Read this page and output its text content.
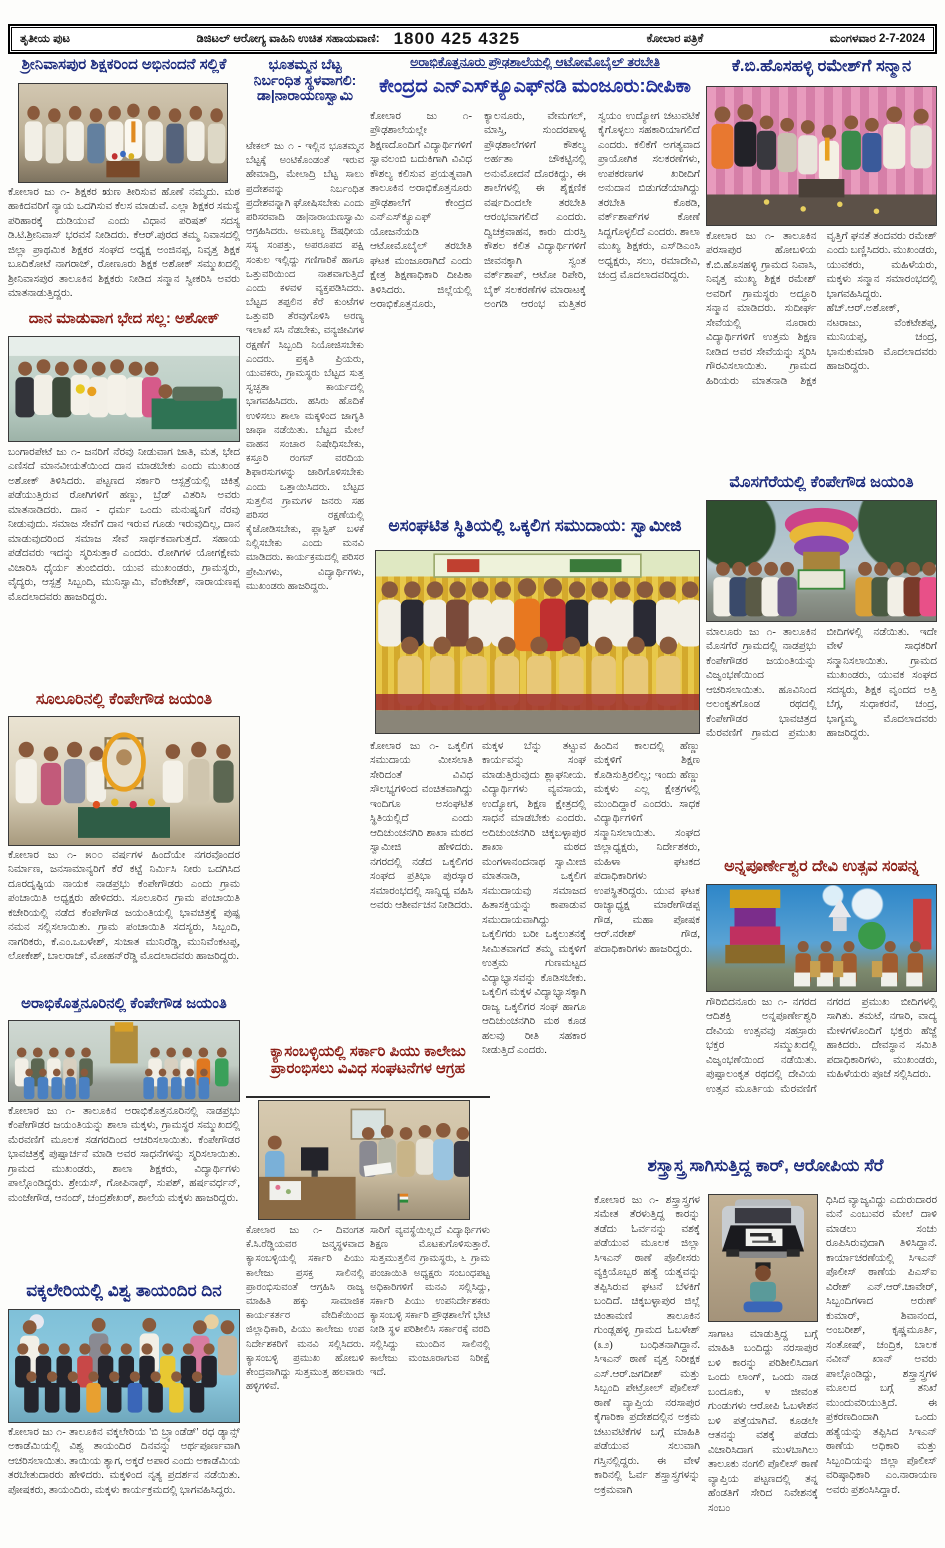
ತೃತೀಯ ಪುಟ	ಡಿಜಿಟಲ್ ಆರೋಗ್ಯ ವಾಹಿನಿ ಉಚಿತ ಸಹಾಯವಾಣಿ: 1800 425 4325	ಕೋಲಾರ ಪತ್ರಿಕೆ	ಮಂಗಳವಾರ 2-7-2024
ಶ್ರೀನಿವಾಸಪುರ ಶಿಕ್ಷಕರಿಂದ ಅಭಿನಂದನೆ ಸಲ್ಲಿಕೆ
ಕೋಲಾರ ಜು ೧- ಶಿಕ್ಷಕರ ಋಣ ತೀರಿಸುವ ಹೊಣೆ ನಮ್ಮದು. ಮಠ ಹಾಕಿದವರಿಗೆ ನ್ಯಾಯ ಒದಗಿಸುವ ಕೆಲಸ ಮಾಡುವೆ. ಎಲ್ಲಾ ಶಿಕ್ಷಕರ ಸಮಸ್ಯೆ ಪರಿಹಾರಕ್ಕೆ ದುಡಿಯುವೆ ಎಂದು ವಿಧಾನ ಪರಿಷತ್ ಸದಸ್ಯ ಡಿ.ಟಿ.ಶ್ರೀನಿವಾಸ್ ಭರವಸೆ ನೀಡಿದರು. ಕೆಆರ್.ಪುರದ ತಮ್ಮ ನಿವಾಸದಲ್ಲಿ ಜಿಲ್ಲಾ ಪ್ರಾಥಮಿಕ ಶಿಕ್ಷಕರ ಸಂಘದ ಅಧ್ಯಕ್ಷ ಅಂಜಿನಪ್ಪ, ನಿವೃತ್ತ ಶಿಕ್ಷಕ ಬೂದಿಕೋಟೆ ನಾಗರಾಜ್, ರೋಣೂರು ಶಿಕ್ಷಕ ಅಶೋಕ್ ಸಮ್ಮುಖದಲ್ಲಿ ಶ್ರೀನಿವಾಸಪುರ ತಾಲೂಕಿನ ಶಿಕ್ಷಕರು ನೀಡಿದ ಸನ್ಮಾನ ಸ್ವೀಕರಿಸಿ ಅವರು ಮಾತನಾಡುತ್ತಿದ್ದರು.
ದಾನ ಮಾಡುವಾಗ ಭೇದ ಸಲ್ಲ: ಅಶೋಕ್
ಬಂಗಾರಪೇಟೆ ಜು ೧- ಜನರಿಗೆ ನೆರವು ನೀಡುವಾಗ ಜಾತಿ, ಮತ, ಭೇದ ಎಣಿಸದೆ ಮಾನವೀಯತೆಯಿಂದ ದಾನ ಮಾಡಬೇಕು ಎಂದು ಮುಖಂಡ ಅಶೋಕ್ ತಿಳಿಸಿದರು. ಪಟ್ಟಣದ ಸರ್ಕಾರಿ ಆಸ್ಪತ್ರೆಯಲ್ಲಿ ಚಿಕಿತ್ಸೆ ಪಡೆಯುತ್ತಿರುವ ರೋಗಿಗಳಿಗೆ ಹಣ್ಣು, ಬ್ರೆಡ್ ವಿತರಿಸಿ ಅವರು ಮಾತನಾಡಿದರು. ದಾನ - ಧರ್ಮ ಒಂದು ಮನುಷ್ಯನಿಗೆ ನೆರವು ನೀಡುವುದು. ಸಮಾಜ ಸೇವೆಗೆ ದಾನ ಇರುವ ಗೂಡು ಇರುವುದಿಲ್ಲ, ದಾನ ಮಾಡುವುದರಿಂದ ಸಮಾಜ ಸೇವೆ ಸಾರ್ಥಕವಾಗುತ್ತದೆ. ಸಹಾಯ ಪಡೆದವರು ಇದನ್ನು ಸ್ಮರಿಸುತ್ತಾರೆ ಎಂದರು. ರೋಗಿಗಳ ಯೋಗಕ್ಷೇಮ ವಿಚಾರಿಸಿ ಧೈರ್ಯ ತುಂಬಿದರು. ಯುವ ಮುಖಂಡರು, ಗ್ರಾಮಸ್ಥರು, ವೈದ್ಯರು, ಆಸ್ಪತ್ರೆ ಸಿಬ್ಬಂದಿ, ಮುನಿಸ್ವಾಮಿ, ವೆಂಕಟೇಶ್, ನಾರಾಯಣಪ್ಪ ಮೊದಲಾದವರು ಹಾಜರಿದ್ದರು.
ಸೂಲೂರಿನಲ್ಲಿ ಕೆಂಪೇಗೌಡ ಜಯಂತಿ
ಕೋಲಾರ ಜು ೧- ೫೦೦ ವರ್ಷಗಳ ಹಿಂದೆಯೇ ನಗರವೊಂದರ ನಿರ್ಮಾಣ, ಜನಸಾಮಾನ್ಯರಿಗೆ ಕೆರೆ ಕಟ್ಟೆ ನಿರ್ಮಿಸಿ ನೀರು ಒದಗಿಸಿದ ದೂರದೃಷ್ಟಿಯ ನಾಯಕ ನಾಡಪ್ರಭು ಕೆಂಪೇಗೌಡರು ಎಂದು ಗ್ರಾಮ ಪಂಚಾಯಿತಿ ಅಧ್ಯಕ್ಷರು ಹೇಳಿದರು. ಸೂಲೂರಿನ ಗ್ರಾಮ ಪಂಚಾಯಿತಿ ಕಚೇರಿಯಲ್ಲಿ ನಡೆದ ಕೆಂಪೇಗೌಡ ಜಯಂತಿಯಲ್ಲಿ ಭಾವಚಿತ್ರಕ್ಕೆ ಪುಷ್ಪ ನಮನ ಸಲ್ಲಿಸಲಾಯಿತು. ಗ್ರಾಮ ಪಂಚಾಯಿತಿ ಸದಸ್ಯರು, ಸಿಬ್ಬಂದಿ, ನಾಗರಿಕರು, ಕೆ.ಎಂ.ಒಬಳೇಶ್, ಸುಜಾತ ಮುನಿರೆಡ್ಡಿ, ಮುನಿವೆಂಕಟಪ್ಪ, ಲೋಕೇಶ್, ಬಾಲರಾಜ್, ಮೋಹನ್‌ರೆಡ್ಡಿ ಮೊದಲಾದವರು ಹಾಜರಿದ್ದರು.
ಅರಾಭಿಕೊತ್ತನೂರಿನಲ್ಲಿ ಕೆಂಪೇಗೌಡ ಜಯಂತಿ
ಕೋಲಾರ ಜು ೧- ತಾಲೂಕಿನ ಅರಾಭಿಕೊತ್ತನೂರಿನಲ್ಲಿ ನಾಡಪ್ರಭು ಕೆಂಪೇಗೌಡರ ಜಯಂತಿಯನ್ನು ಶಾಲಾ ಮಕ್ಕಳು, ಗ್ರಾಮಸ್ಥರ ಸಮ್ಮುಖದಲ್ಲಿ ಮೆರವಣಿಗೆ ಮೂಲಕ ಸಡಗರದಿಂದ ಆಚರಿಸಲಾಯಿತು. ಕೆಂಪೇಗೌಡರ ಭಾವಚಿತ್ರಕ್ಕೆ ಪುಷ್ಪಾರ್ಚನೆ ಮಾಡಿ ಅವರ ಸಾಧನೆಗಳನ್ನು ಸ್ಮರಿಸಲಾಯಿತು. ಗ್ರಾಮದ ಮುಖಂಡರು, ಶಾಲಾ ಶಿಕ್ಷಕರು, ವಿದ್ಯಾರ್ಥಿಗಳು ಪಾಲ್ಗೊಂಡಿದ್ದರು. ಶ್ರೇಯಸ್, ಗೋಪಿನಾಥ್, ಸುಪಶ್, ಹರ್ಷವರ್ಧನ್, ಮಂಜೇಗೌಡ, ಆನಂದ್, ಚಂದ್ರಶೇಖರ್, ಶಾಲೆಯ ಮಕ್ಕಳು ಹಾಜರಿದ್ದರು.
ವಕ್ಕಲೇರಿಯಲ್ಲಿ ವಿಶ್ವ ತಾಯಂದಿರ ದಿನ
ಕೋಲಾರ ಜು ೧- ತಾಲೂಕಿನ ವಕ್ಕಲೇರಿಯ 'ಬಿ ಬ್ರ್ಯಾಂಡೆಡ್' ರಧ ಡ್ಯಾನ್ಸ್ ಅಕಾಡೆಮಿಯಲ್ಲಿ ವಿಶ್ವ ತಾಯಂದಿರ ದಿನವನ್ನು ಅರ್ಥಪೂರ್ಣವಾಗಿ ಆಚರಿಸಲಾಯಿತು. ತಾಯಿಯ ತ್ಯಾಗ, ಅಕ್ಕರೆ ಅಪಾರ ಎಂದು ಅಕಾಡೆಮಿಯ ತರಬೇತುದಾರರು ಹೇಳಿದರು. ಮಕ್ಕಳಿಂದ ನೃತ್ಯ ಪ್ರದರ್ಶನ ನಡೆಯಿತು. ಪೋಷಕರು, ತಾಯಂದಿರು, ಮಕ್ಕಳು ಕಾರ್ಯಕ್ರಮದಲ್ಲಿ ಭಾಗವಹಿಸಿದ್ದರು.
ಭೂತಮ್ಮನ ಬೆಟ್ಟ ನಿರ್ಬಂಧಿತ ಸ್ಥಳವಾಗಲಿ: ಡಾ|ನಾರಾಯಣಸ್ವಾಮಿ
ಟೇಕಲ್ ಜು ೧ - ಇಲ್ಲಿನ ಭೂತಮ್ಮನ ಬೆಟ್ಟಕ್ಕೆ ಅಂಟಿಕೊಂಡಂತೆ ಇರುವ ಹೇಮಾದ್ರಿ, ಮೇಲಾದ್ರಿ ಬೆಟ್ಟ ಸಾಲು ಪ್ರದೇಶವನ್ನು ನಿರ್ಬಂಧಿತ ಪ್ರದೇಶವನ್ನಾಗಿ ಘೋಷಿಸಬೇಕು ಎಂದು ಪರಿಸರವಾದಿ ಡಾ|ನಾರಾಯಣಸ್ವಾಮಿ ಆಗ್ರಹಿಸಿದರು. ಅಮೂಲ್ಯ ಔಷಧೀಯ ಸಸ್ಯ ಸಂಪತ್ತು, ಅಪರೂಪದ ಪಕ್ಷಿ ಸಂಕುಲ ಇಲ್ಲಿದ್ದು ಗಣಿಗಾರಿಕೆ ಹಾಗೂ ಒತ್ತುವರಿಯಿಂದ ನಾಶವಾಗುತ್ತಿದೆ ಎಂದು ಕಳವಳ ವ್ಯಕ್ತಪಡಿಸಿದರು. ಬೆಟ್ಟದ ತಪ್ಪಲಿನ ಕೆರೆ ಕುಂಟೆಗಳ ಒತ್ತುವರಿ ತೆರವುಗೊಳಿಸಿ ಅರಣ್ಯ ಇಲಾಖೆ ಸಸಿ ನೆಡಬೇಕು, ವನ್ಯಜೀವಿಗಳ ರಕ್ಷಣೆಗೆ ಸಿಬ್ಬಂದಿ ನಿಯೋಜಿಸಬೇಕು ಎಂದರು. ಪ್ರಕೃತಿ ಪ್ರಿಯರು, ಯುವಕರು, ಗ್ರಾಮಸ್ಥರು ಬೆಟ್ಟದ ಸುತ್ತ ಸ್ವಚ್ಛತಾ ಕಾರ್ಯದಲ್ಲಿ ಭಾಗವಹಿಸಿದರು. ಹಸಿರು ಹೊದಿಕೆ ಉಳಿಸಲು ಶಾಲಾ ಮಕ್ಕಳಿಂದ ಜಾಗೃತಿ ಜಾಥಾ ನಡೆಯಿತು. ಬೆಟ್ಟದ ಮೇಲೆ ವಾಹನ ಸಂಚಾರ ನಿಷೇಧಿಸಬೇಕು, ಕಸ್ತೂರಿ ರಂಗನ್ ವರದಿಯ ಶಿಫಾರಸುಗಳನ್ನು ಜಾರಿಗೊಳಿಸಬೇಕು ಎಂದು ಒತ್ತಾಯಿಸಿದರು. ಬೆಟ್ಟದ ಸುತ್ತಲಿನ ಗ್ರಾಮಗಳ ಜನರು ಸಹ ಪರಿಸರ ರಕ್ಷಣೆಯಲ್ಲಿ ಕೈಜೋಡಿಸಬೇಕು, ಪ್ಲಾಸ್ಟಿಕ್ ಬಳಕೆ ನಿಲ್ಲಿಸಬೇಕು ಎಂದು ಮನವಿ ಮಾಡಿದರು. ಕಾರ್ಯಕ್ರಮದಲ್ಲಿ ಪರಿಸರ ಪ್ರೇಮಿಗಳು, ವಿದ್ಯಾರ್ಥಿಗಳು, ಮುಖಂಡರು ಹಾಜರಿದ್ದರು.
ಕ್ಯಾಸಂಬಳ್ಳಿಯಲ್ಲಿ ಸರ್ಕಾರಿ ಪಿಯು ಕಾಲೇಜು ಪ್ರಾರಂಭಿಸಲು ವಿವಿಧ ಸಂಘಟನೆಗಳ ಆಗ್ರಹ
ಕೋಲಾರ ಜು ೧- ದಿವಂಗತ ಕೆ.ಸಿ.ರೆಡ್ಡಿಯವರ ಜನ್ಮಸ್ಥಳವಾದ ಕ್ಯಾಸಂಬಳ್ಳಿಯಲ್ಲಿ ಸರ್ಕಾರಿ ಪಿಯು ಕಾಲೇಜು ಪ್ರಸಕ್ತ ಸಾಲಿನಲ್ಲಿ ಪ್ರಾರಂಭಿಸುವಂತೆ ಆಗ್ರಹಿಸಿ ರಾಜ್ಯ ಮಾಹಿತಿ ಹಕ್ಕು ಸಾಮಾಜಿಕ ಕಾರ್ಯಕರ್ತರ ವೇದಿಕೆಯಿಂದ ಜಿಲ್ಲಾಧಿಕಾರಿ, ಪಿಯು ಕಾಲೇಜು ಉಪ ನಿರ್ದೇಶಕರಿಗೆ ಮನವಿ ಸಲ್ಲಿಸಿದರು. ಕ್ಯಾಸಂಬಳ್ಳಿ ಪ್ರಮುಖ ಹೋಬಳಿ ಕೇಂದ್ರವಾಗಿದ್ದು ಸುತ್ತಮುತ್ತ ಹಲವಾರು ಹಳ್ಳಿಗಳಿವೆ.
ಸಾರಿಗೆ ವ್ಯವಸ್ಥೆಯಿಲ್ಲದೆ ವಿದ್ಯಾರ್ಥಿಗಳು ಶಿಕ್ಷಣ ಮೊಟಕುಗೊಳಿಸುತ್ತಾರೆ. ಸುತ್ತಮುತ್ತಲಿನ ಗ್ರಾಮಸ್ಥರು, ೬ ಗ್ರಾಮ ಪಂಚಾಯಿತಿ ಅಧ್ಯಕ್ಷರು ಸಂಬಂಧಪಟ್ಟ ಅಧಿಕಾರಿಗಳಿಗೆ ಮನವಿ ಸಲ್ಲಿಸಿದ್ದು, ಸರ್ಕಾರಿ ಪಿಯು ಉಪನಿರ್ದೇಶಕರು ಕ್ಯಾಸಂಬಳ್ಳಿ ಸರ್ಕಾರಿ ಪ್ರೌಢಶಾಲೆಗೆ ಭೇಟಿ ನೀಡಿ ಸ್ಥಳ ಪರಿಶೀಲಿಸಿ ಸರ್ಕಾರಕ್ಕೆ ವರದಿ ಸಲ್ಲಿಸಿದ್ದು ಮುಂದಿನ ಸಾಲಿನಲ್ಲಿ ಕಾಲೇಜು ಮಂಜೂರಾಗುವ ನಿರೀಕ್ಷೆ ಇದೆ.
ಅರಾಭಿಕೊತ್ತನೂರು ಪ್ರೌಢಶಾಲೆಯಲ್ಲಿ ಆಟೋಮೊಬೈಲ್ ತರಬೇತಿ
ಕೇಂದ್ರದ ಎನ್‌ಎಸ್‌ಕ್ಯೂಎಫ್‌ನಡಿ ಮಂಜೂರು:ದೀಪಿಕಾ
ಕೋಲಾರ ಜು ೧- ಪ್ರೌಢಶಾಲೆಯಲ್ಲೇ ಶಿಕ್ಷಣದೊಂದಿಗೆ ವಿದ್ಯಾರ್ಥಿಗಳಿಗೆ ಸ್ವಾವಲಂಬಿ ಬದುಕಿಗಾಗಿ ವಿವಿಧ ಕೌಶಲ್ಯ ಕಲಿಸುವ ಪ್ರಯತ್ನವಾಗಿ ತಾಲೂಕಿನ ಅರಾಭಿಕೊತ್ತನೂರು ಪ್ರೌಢಶಾಲೆಗೆ ಕೇಂದ್ರದ ಎನ್‌ಎಸ್‌ಕ್ಯೂಎಫ್ ಯೋಜನೆಯಡಿ ಆಟೋಮೊಬೈಲ್ ತರಬೇತಿ ಘಟಕ ಮಂಜೂರಾಗಿದೆ ಎಂದು ಕ್ಷೇತ್ರ ಶಿಕ್ಷಣಾಧಿಕಾರಿ ದೀಪಿಕಾ ತಿಳಿಸಿದರು. ಜಿಲ್ಲೆಯಲ್ಲಿ ಅರಾಭಿಕೊತ್ತನೂರು, ಕ್ಯಾಲನೂರು, ವೇಮಗಲ್, ಮಾಸ್ತಿ, ಸುಂದರಪಾಳ್ಯ ಪ್ರೌಢಶಾಲೆಗಳಿಗೆ ಕೌಶಲ್ಯ ಅರ್ಹತಾ ಚೌಕಟ್ಟಿನಲ್ಲಿ ಅನುಮೋದನೆ ದೊರಕಿದ್ದು, ಈ ಶಾಲೆಗಳಲ್ಲಿ ಈ ಶೈಕ್ಷಣಿಕ ವರ್ಷದಿಂದಲೇ ತರಬೇತಿ ಆರಂಭವಾಗಲಿದೆ ಎಂದರು. ದ್ವಿಚಕ್ರವಾಹನ, ಕಾರು ದುರಸ್ತಿ ಕೌಶಲ ಕಲಿತ ವಿದ್ಯಾರ್ಥಿಗಳಿಗೆ ಜೀವನಕ್ಕಾಗಿ ಸ್ವಂತ ವರ್ಕ್‌ಶಾಪ್, ಆಟೋ ರಿಪೇರಿ, ಬೈಕ್ ಸಲಕರಣೆಗಳ ಮಾರಾಟಕ್ಕೆ ಅಂಗಡಿ ಆರಂಭ ಮತ್ತಿತರ ಸ್ವಯಂ ಉದ್ಯೋಗ ಚಟುವಟಿಕೆ ಕೈಗೊಳ್ಳಲು ಸಹಕಾರಿಯಾಗಲಿದೆ ಎಂದರು. ಕಲಿಕೆಗೆ ಅಗತ್ಯವಾದ ಪ್ರಾಯೋಗಿಕ ಸಲಕರಣೆಗಳು, ಉಪಕರಣಗಳ ಖರೀದಿಗೆ ಅನುದಾನ ಬಿಡುಗಡೆಯಾಗಿದ್ದು ತರಬೇತಿ ಕೊಠಡಿ, ವರ್ಕ್‌ಶಾಪ್‌ಗಳ ಕೋಣೆ ಸಿದ್ದಗೊಳ್ಳಲಿದೆ ಎಂದರು. ಶಾಲಾ ಮುಖ್ಯ ಶಿಕ್ಷಕರು, ಎಸ್‌ಡಿಎಂಸಿ ಅಧ್ಯಕ್ಷರು, ಸಲು, ರಮಾದೇವಿ, ಚಂದ್ರ ಮೊದಲಾದವರಿದ್ದರು.
ಅಸಂಘಟಿತ ಸ್ಥಿತಿಯಲ್ಲಿ ಒಕ್ಕಲಿಗ ಸಮುದಾಯ: ಸ್ವಾಮೀಜಿ
ಕೋಲಾರ ಜು ೧- ಒಕ್ಕಲಿಗ ಸಮುದಾಯ ಮೀಸಲಾತಿ ಸೇರಿದಂತೆ ವಿವಿಧ ಸೌಲಭ್ಯಗಳಿಂದ ವಂಚಿತವಾಗಿದ್ದು ಇಂದಿಗೂ ಅಸಂಘಟಿತ ಸ್ಥಿತಿಯಲ್ಲಿದೆ ಎಂದು ಆದಿಚುಂಚನಗಿರಿ ಶಾಖಾ ಮಠದ ಸ್ವಾಮೀಜಿ ಹೇಳಿದರು. ನಗರದಲ್ಲಿ ನಡೆದ ಒಕ್ಕಲಿಗರ ಸಂಘದ ಪ್ರತಿಭಾ ಪುರಸ್ಕಾರ ಸಮಾರಂಭದಲ್ಲಿ ಸಾನ್ನಿಧ್ಯ ವಹಿಸಿ ಅವರು ಆಶೀರ್ವಚನ ನೀಡಿದರು.
ಮಕ್ಕಳ ಬೆನ್ನು ತಟ್ಟುವ ಕಾರ್ಯವನ್ನು ಸಂಘ ಮಾಡುತ್ತಿರುವುದು ಶ್ಲಾಘನೀಯ. ವಿದ್ಯಾರ್ಥಿಗಳು ವ್ಯವಸಾಯ, ಉದ್ಯೋಗ, ಶಿಕ್ಷಣ ಕ್ಷೇತ್ರದಲ್ಲಿ ಸಾಧನೆ ಮಾಡಬೇಕು ಎಂದರು. ಅದಿಚುಂಚನಗಿರಿ ಚಿಕ್ಕಬಳ್ಳಾಪುರ ಶಾಖಾ ಮಠದ ಮಂಗಳಾನಂದನಾಥ ಸ್ವಾಮೀಜಿ ಮಾತನಾಡಿ, ಒಕ್ಕಲಿಗ ಸಮುದಾಯವು ಸಮಾಜದ ಹಿತಾಸಕ್ತಿಯನ್ನು ಕಾಪಾಡುವ ಸಮುದಾಯವಾಗಿದ್ದು ಒಕ್ಕಲಿಗರು ಬರೀ ಒಕ್ಕಲುತನಕ್ಕೆ ಸೀಮಿತವಾಗದೆ ತಮ್ಮ ಮಕ್ಕಳಿಗೆ ಉತ್ತಮ ಗುಣಮಟ್ಟದ ವಿದ್ಯಾಭ್ಯಾಸವನ್ನು ಕೊಡಿಸಬೇಕು. ಒಕ್ಕಲಿಗ ಮಕ್ಕಳ ವಿದ್ಯಾಭ್ಯಾಸಕ್ಕಾಗಿ ರಾಜ್ಯ ಒಕ್ಕಲಿಗರ ಸಂಘ ಹಾಗೂ ಆದಿಚುಂಚನಗಿರಿ ಮಠ ಕೂಡ ಹಲವು ರೀತಿ ಸಹಕಾರ ನೀಡುತ್ತಿದೆ ಎಂದರು.
ಹಿಂದಿನ ಕಾಲದಲ್ಲಿ ಹೆಣ್ಣು ಮಕ್ಕಳಿಗೆ ಶಿಕ್ಷಣ ಕೊಡಿಸುತ್ತಿರಲಿಲ್ಲ; ಇಂದು ಹೆಣ್ಣು ಮಕ್ಕಳು ಎಲ್ಲ ಕ್ಷೇತ್ರಗಳಲ್ಲಿ ಮುಂದಿದ್ದಾರೆ ಎಂದರು. ಸಾಧಕ ವಿದ್ಯಾರ್ಥಿಗಳಿಗೆ ಸನ್ಮಾನಿಸಲಾಯಿತು. ಸಂಘದ ಜಿಲ್ಲಾಧ್ಯಕ್ಷರು, ನಿರ್ದೇಶಕರು, ಮಹಿಳಾ ಘಟಕದ ಪದಾಧಿಕಾರಿಗಳು ಉಪಸ್ಥಿತರಿದ್ದರು. ಯುವ ಘಟಕ ರಾಜ್ಯಾಧ್ಯಕ್ಷ ಮಾರೇಗೌಡಪ್ಪ ಗೌಡ, ಮಹಾ ಪೋಷಕ ಆರ್.ನರೇಶ್ ಗೌಡ, ಪದಾಧಿಕಾರಿಗಳು ಹಾಜರಿದ್ದರು.
ಶಸ್ತ್ರಾಸ್ತ್ರ ಸಾಗಿಸುತ್ತಿದ್ದ ಕಾರ್, ಆರೋಪಿಯ ಸೆರೆ
ಕೋಲಾರ ಜು ೧- ಶಸ್ತ್ರಾಸ್ತ್ರಗಳ ಸಮೇತ ತೆರಳುತ್ತಿದ್ದ ಕಾರನ್ನು ತಡೆದು ಓರ್ವನನ್ನು ವಶಕ್ಕೆ ಪಡೆಯುವ ಮೂಲಕ ಜಿಲ್ಲಾ ಸಿಇಎನ್ ಠಾಣೆ ಪೊಲೀಸರು ವ್ಯಕ್ತಿಯೊಬ್ಬರ ಹತ್ಯೆ ಯತ್ನವನ್ನು ತಪ್ಪಿಸಿರುವ ಘಟನೆ ಬೆಳಕಿಗೆ ಬಂದಿದೆ. ಚಿಕ್ಕಬಳ್ಳಾಪುರ ಜಿಲ್ಲೆ ಚಿಂತಾಮಣಿ ತಾಲೂಕಿನ ಗುಂಡ್ಲಹಳ್ಳಿ ಗ್ರಾಮದ ಓಬಳೇಶ್ (೩೨) ಬಂಧಿತನಾಗಿದ್ದಾನೆ. ಸಿಇಎನ್ ಠಾಣೆ ವೃತ್ತ ನಿರೀಕ್ಷಕ ಎಸ್.ಆರ್.ಜಗದೀಶ್ ಮತ್ತು ಸಿಬ್ಬಂದಿ ಪೇಟ್ರೋಲ್ ಪೊಲೀಸ್ ಠಾಣೆ ವ್ಯಾಪ್ತಿಯ ನರಸಾಪುರ ಕೈಗಾರಿಕಾ ಪ್ರದೇಶದಲ್ಲಿನ ಅಕ್ರಮ ಚಟುವಟಿಕೆಗಳ ಬಗ್ಗೆ ಮಾಹಿತಿ ಪಡೆಯುವ ಸಲುವಾಗಿ ಗಸ್ತಿನಲ್ಲಿದ್ದರು. ಈ ವೇಳೆ ಕಾರಿನಲ್ಲಿ ಓರ್ವ ಶಸ್ತ್ರಾಸ್ತ್ರಗಳನ್ನು ಅಕ್ರಮವಾಗಿ
ಸಾಗಾಟ ಮಾಡುತ್ತಿದ್ದ ಬಗ್ಗೆ ಮಾಹಿತಿ ಬಂದಿದ್ದು ನರಸಾಪುರ ಬಳಿ ಕಾರನ್ನು ಪರಿಶೀಲಿಸಿದಾಗ ಒಂದು ಲಾಂಗ್, ಒಂದು ನಾಡ ಬಂದೂಕು, ೪ ಜೀವಂತ ಗುಂಡುಗಳು ಆರೋಪಿ ಓಬಳೇಶನ ಬಳಿ ಪತ್ತೆಯಾಗಿವೆ. ಕೂಡಲೇ ಆತನನ್ನು ವಶಕ್ಕೆ ಪಡೆದು ವಿಚಾರಿಸಿದಾಗ ಮುಳಬಾಗಿಲು ತಾಲೂಕು ನಂಗಲಿ ಪೊಲೀಸ್ ಠಾಣೆ ವ್ಯಾಪ್ತಿಯ ಪಟ್ಟಣದಲ್ಲಿ ತನ್ನ ಹೆಂಡತಿಗೆ ಸೇರಿದ ನಿವೇಶನಕ್ಕೆ ಸಂಬಂ
ಧಿಸಿದ ವ್ಯಾಜ್ಯವಿದ್ದು ಎದುರುದಾರರ ಮನೆ ಎಂಬುವರ ಮೇಲೆ ದಾಳಿ ಮಾಡಲು ಸಂಚು ರೂಪಿಸಿರುವುದಾಗಿ ತಿಳಿಸಿದ್ದಾನೆ. ಕಾರ್ಯಾಚರಣೆಯಲ್ಲಿ ಸಿಇಎನ್ ಪೊಲೀಸ್ ಠಾಣೆಯ ಪಿಎಸ್ಐ ವಿರೇಶ್ ಎನ್.ಆರ್.ಚಾವೇರ್, ಸಿಬ್ಬಂದಿಗಳಾದ ಅರುಣ್ ಕುಮಾರ್, ಶಿವಾನಂದ, ಅಂಬರೀಶ್, ಕೃಷ್ಣಮೂರ್ತಿ, ಸಂತೋಷ್, ಚಂದ್ರಿಕ, ಬಾಲಕ ನವೀನ್ ಖಾನ್ ಅವರು ಪಾಲ್ಗೊಂಡಿದ್ದು, ಶಸ್ತ್ರಾಸ್ತ್ರಗಳ ಮೂಲದ ಬಗ್ಗೆ ತನಿಖೆ ಮುಂದುವರಿಯುತ್ತಿದೆ. ಈ ಪ್ರಕರಣದಿಂದಾಗಿ ಒಂದು ಹತ್ಯೆಯನ್ನು ತಪ್ಪಿಸಿದ ಸಿಇಎನ್ ಠಾಣೆಯ ಅಧಿಕಾರಿ ಮತ್ತು ಸಿಬ್ಬಂದಿಯನ್ನು ಜಿಲ್ಲಾ ಪೊಲೀಸ್ ವರಿಷ್ಠಾಧಿಕಾರಿ ಎಂ.ನಾರಾಯಣ ಅವರು ಪ್ರಶಂಸಿಸಿದ್ದಾರೆ.
ಕೆ.ಬಿ.ಹೊಸಹಳ್ಳಿ ರಮೇಶ್‌ಗೆ ಸನ್ಮಾನ
ಕೋಲಾರ ಜು ೧- ತಾಲೂಕಿನ ಪರಸಾಪುರ ಹೋಬಳಿಯ ಕೆ.ಬಿ.ಹೊಸಹಳ್ಳಿ ಗ್ರಾಮದ ನಿವಾಸಿ, ನಿವೃತ್ತ ಮುಖ್ಯ ಶಿಕ್ಷಕ ರಮೇಶ್ ಅವರಿಗೆ ಗ್ರಾಮಸ್ಥರು ಅದ್ಧೂರಿ ಸನ್ಮಾನ ಮಾಡಿದರು. ಸುದೀರ್ಘ ಸೇವೆಯಲ್ಲಿ ನೂರಾರು ವಿದ್ಯಾರ್ಥಿಗಳಿಗೆ ಉತ್ತಮ ಶಿಕ್ಷಣ ನೀಡಿದ ಅವರ ಸೇವೆಯನ್ನು ಸ್ಮರಿಸಿ ಗೌರವಿಸಲಾಯಿತು. ಗ್ರಾಮದ ಹಿರಿಯರು ಮಾತನಾಡಿ ಶಿಕ್ಷಕ ವೃತ್ತಿಗೆ ಘನತೆ ತಂದವರು ರಮೇಶ್ ಎಂದು ಬಣ್ಣಿಸಿದರು. ಮುಖಂಡರು, ಯುವಕರು, ಮಹಿಳೆಯರು, ಮಕ್ಕಳು ಸನ್ಮಾನ ಸಮಾರಂಭದಲ್ಲಿ ಭಾಗವಹಿಸಿದ್ದರು. ಹೆಚ್.ಆರ್.ಅಶೋಕ್, ನಟರಾಜು, ವೆಂಕಟೇಶಪ್ಪ, ಮುನಿಯಪ್ಪ, ಚಂದ್ರ, ಭಾನುಕುಮಾರಿ ಮೊದಲಾದವರು ಹಾಜರಿದ್ದರು.
ಮೊಸಗೆರೆಯಲ್ಲಿ ಕೆಂಪೇಗೌಡ ಜಯಂತಿ
ಮಾಲೂರು ಜು ೧- ತಾಲೂಕಿನ ಮೊಸಗೆರೆ ಗ್ರಾಮದಲ್ಲಿ ನಾಡಪ್ರಭು ಕೆಂಪೇಗೌಡರ ಜಯಂತಿಯನ್ನು ವಿಜೃಂಭಣೆಯಿಂದ ಆಚರಿಸಲಾಯಿತು. ಹೂವಿನಿಂದ ಅಲಂಕೃತಗೊಂಡ ರಥದಲ್ಲಿ ಕೆಂಪೇಗೌಡರ ಭಾವಚಿತ್ರದ ಮೆರವಣಿಗೆ ಗ್ರಾಮದ ಪ್ರಮುಖ ಬೀದಿಗಳಲ್ಲಿ ನಡೆಯಿತು. ಇದೇ ವೇಳೆ ಸಾಧಕರಿಗೆ ಸನ್ಮಾನಿಸಲಾಯಿತು. ಗ್ರಾಮದ ಮುಖಂಡರು, ಯುವಕ ಸಂಘದ ಸದಸ್ಯರು, ಶಿಕ್ಷಕ ವೃಂದದ ಅತ್ತಿ ಬೆಗ್ಗ, ಸುಧಾಕರನೆ, ಚಂದ್ರ, ಭಾಗ್ಯಮ್ಮ ಮೊದಲಾದವರು ಹಾಜರಿದ್ದರು.
ಅನ್ನಪೂರ್ಣೇಶ್ವರ ದೇವಿ ಉತ್ಸವ ಸಂಪನ್ನ
ಗೌರಿಬಿದನೂರು ಜು ೧- ನಗರದ ಆದಿಶಕ್ತಿ ಅನ್ನಪೂರ್ಣೇಶ್ವರಿ ದೇವಿಯ ಉತ್ಸವವು ಸಹಸ್ರಾರು ಭಕ್ತರ ಸಮ್ಮುಖದಲ್ಲಿ ವಿಜೃಂಭಣೆಯಿಂದ ನಡೆಯಿತು. ಪುಷ್ಪಾಲಂಕೃತ ರಥದಲ್ಲಿ ದೇವಿಯ ಉತ್ಸವ ಮೂರ್ತಿಯ ಮೆರವಣಿಗೆ ನಗರದ ಪ್ರಮುಖ ಬೀದಿಗಳಲ್ಲಿ ಸಾಗಿತು. ತಮಟೆ, ನಗಾರಿ, ವಾದ್ಯ ಮೇಳಗಳೊಂದಿಗೆ ಭಕ್ತರು ಹೆಜ್ಜೆ ಹಾಕಿದರು. ದೇವಸ್ಥಾನ ಸಮಿತಿ ಪದಾಧಿಕಾರಿಗಳು, ಮುಖಂಡರು, ಮಹಿಳೆಯರು ಪೂಜೆ ಸಲ್ಲಿಸಿದರು.
